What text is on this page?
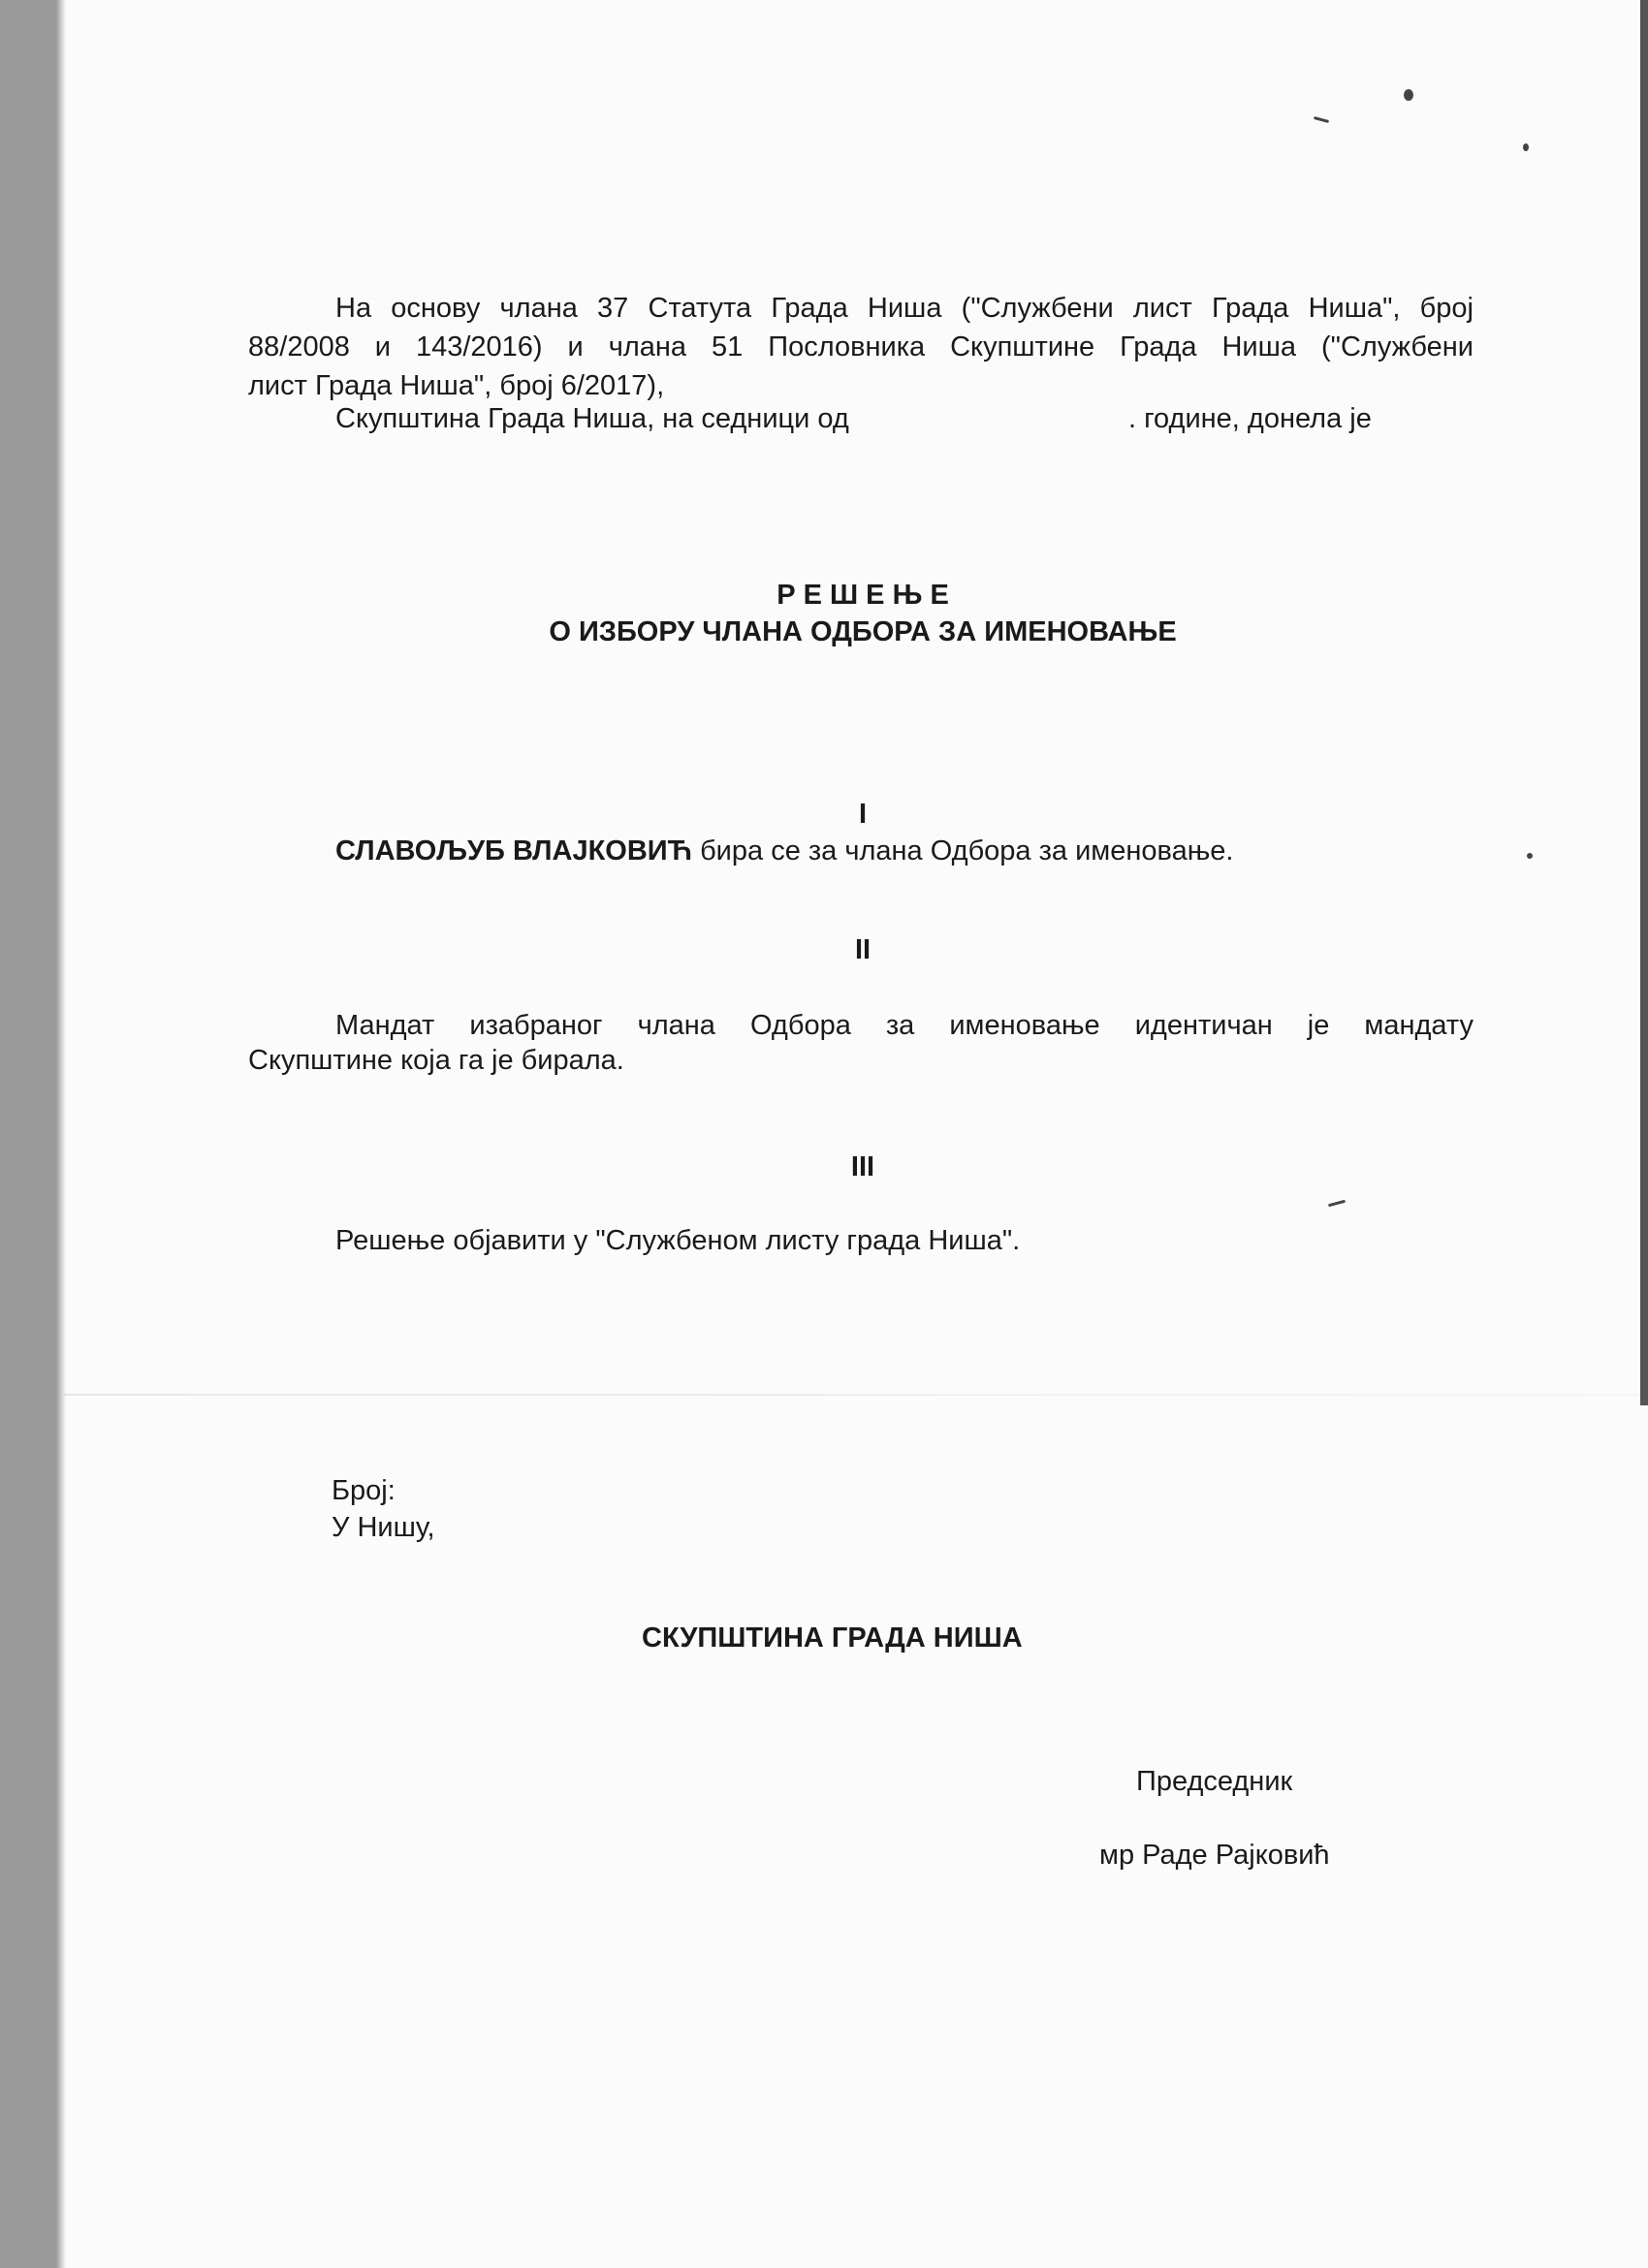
На основу члана 37 Статута Града Ниша ("Службени лист Града Ниша", број
88/2008 и 143/2016) и члана 51 Пословника Скупштине Града Ниша ("Службени
лист Града Ниша", број 6/2017),
Скупштина Града Ниша, на седници од	. године, донела је
Р Е Ш Е Њ Е
О ИЗБОРУ ЧЛАНА ОДБОРА ЗА ИМЕНОВАЊЕ
I
СЛАВОЉУБ ВЛАЈКОВИЋ бира се за члана Одбора за именовање.
II
Мандат изабраног члана Одбора за именовање идентичан је мандату
Скупштине која га је бирала.
III
Решење објавити у "Службеном листу града Ниша".
Број:
У Нишу,
СКУПШТИНА ГРАДА НИША
Председник
мр Раде Рајковић
